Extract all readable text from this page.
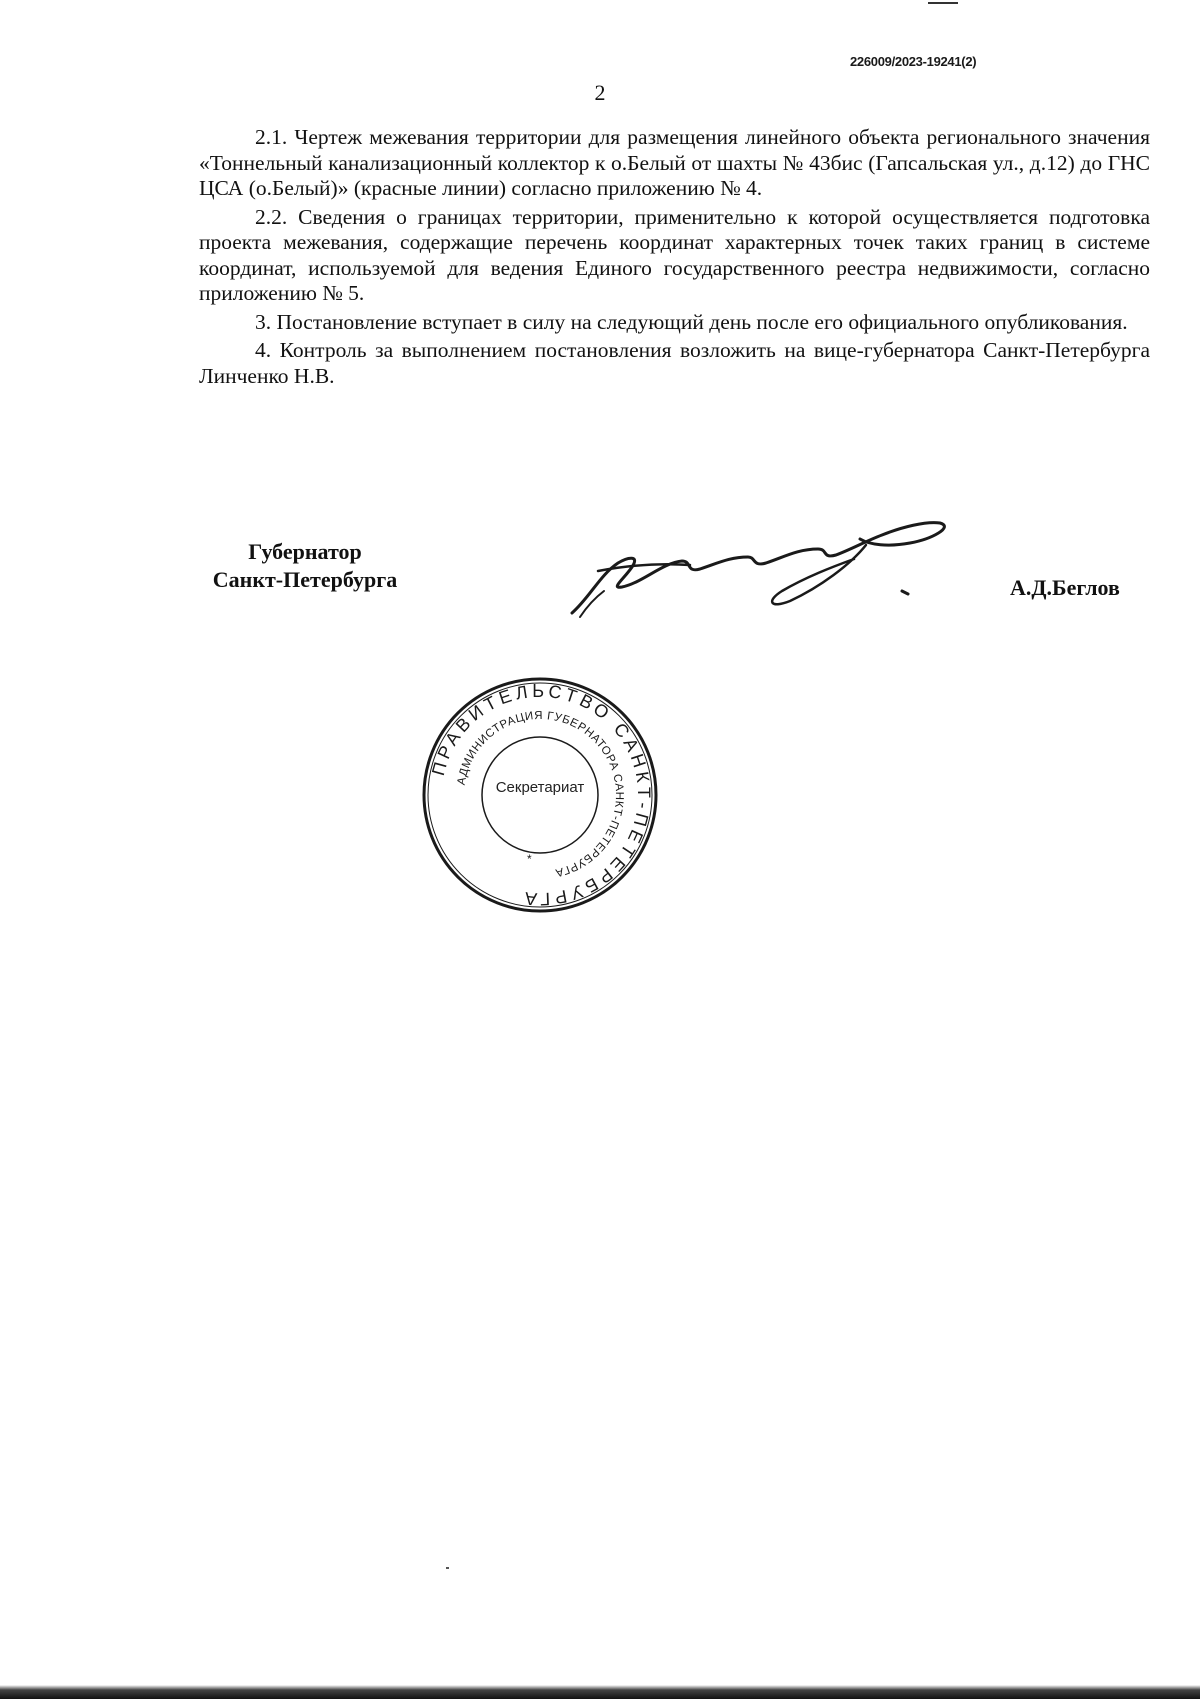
226009/2023-19241(2)
2

2.1. Чертеж межевания территории для размещения линейного объекта регионального значения «Тоннельный канализационный коллектор к о.Белый от шахты № 43бис (Гапсальская ул., д.12) до ГНС ЦСА (о.Белый)» (красные линии) согласно приложению № 4.

2.2. Сведения о границах территории, применительно к которой осуществляется подготовка проекта межевания, содержащие перечень координат характерных точек таких границ в системе координат, используемой для ведения Единого государственного реестра недвижимости, согласно приложению № 5.

3. Постановление вступает в силу на следующий день после его официального опубликования.

4. Контроль за выполнением постановления возложить на вице-губернатора Санкт-Петербурга Линченко Н.В.

Губернатор
Санкт-Петербурга	А.Д.Беглов
ПРАВИТЕЛЬСТВО САНКТ-ПЕТЕРБУРГА
АДМИНИСТРАЦИЯ ГУБЕРНАТОРА САНКТ-ПЕТЕРБУРГА
*
Секретариат
